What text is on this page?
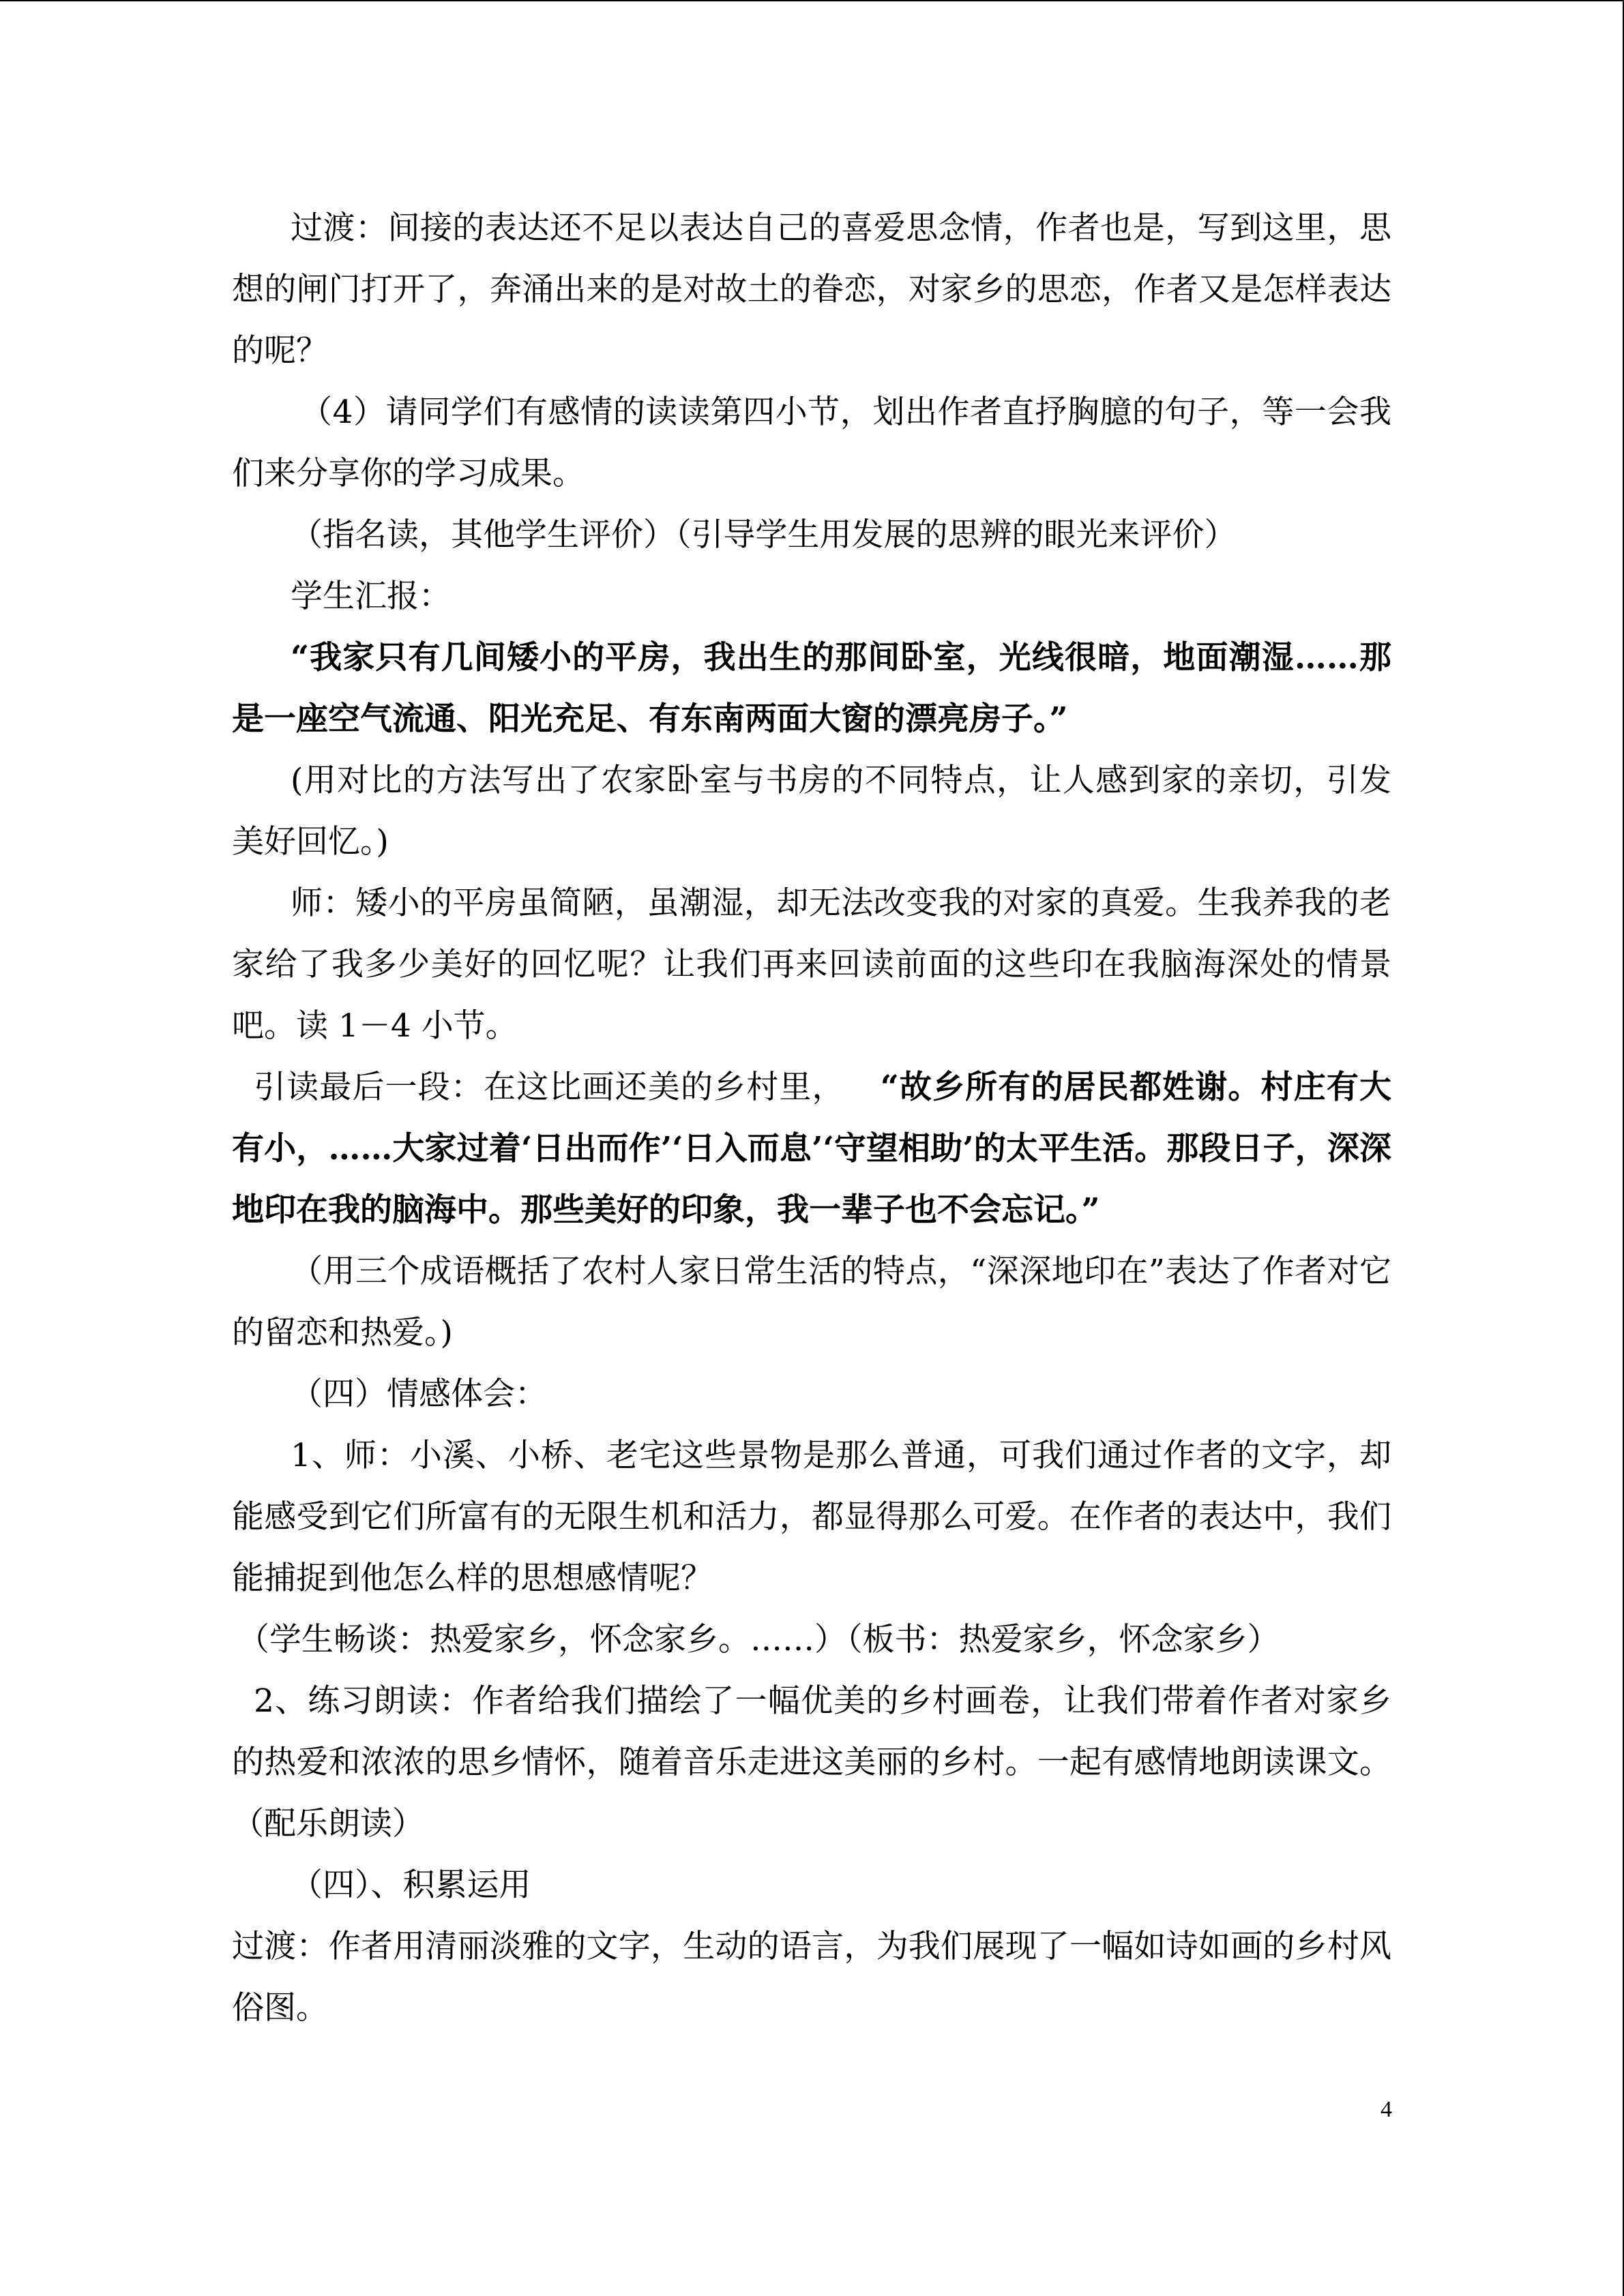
过渡：间接的表达还不足以表达自己的喜爱思念情，作者也是，写到这里，思想的闸门打开了，奔涌出来的是对故土的眷恋，对家乡的思恋，作者又是怎样表达的呢？

（4）请同学们有感情的读读第四小节，划出作者直抒胸臆的句子，等一会我们来分享你的学习成果。

（指名读，其他学生评价）（引导学生用发展的思辨的眼光来评价）

学生汇报：

“我家只有几间矮小的平房，我出生的那间卧室，光线很暗，地面潮湿……那是一座空气流通、阳光充足、有东南两面大窗的漂亮房子。”

(用对比的方法写出了农家卧室与书房的不同特点，让人感到家的亲切，引发美好回忆。)

师：矮小的平房虽简陋，虽潮湿，却无法改变我的对家的真爱。生我养我的老家给了我多少美好的回忆呢？让我们再来回读前面的这些印在我脑海深处的情景吧。读 1－4 小节。

引读最后一段：在这比画还美的乡村里， “故乡所有的居民都姓谢。村庄有大有小，……大家过着‘日出而作’‘日入而息’‘守望相助’的太平生活。那段日子，深深地印在我的脑海中。那些美好的印象，我一辈子也不会忘记。”

（用三个成语概括了农村人家日常生活的特点，“深深地印在”表达了作者对它的留恋和热爱。)

（四）情感体会：

1、师：小溪、小桥、老宅这些景物是那么普通，可我们通过作者的文字，却能感受到它们所富有的无限生机和活力，都显得那么可爱。在作者的表达中，我们能捕捉到他怎么样的思想感情呢？

（学生畅谈：热爱家乡，怀念家乡。……）（板书：热爱家乡，怀念家乡）

2、练习朗读：作者给我们描绘了一幅优美的乡村画卷，让我们带着作者对家乡的热爱和浓浓的思乡情怀，随着音乐走进这美丽的乡村。一起有感情地朗读课文。（配乐朗读）

（四）、积累运用

过渡：作者用清丽淡雅的文字，生动的语言，为我们展现了一幅如诗如画的乡村风俗图。

4
